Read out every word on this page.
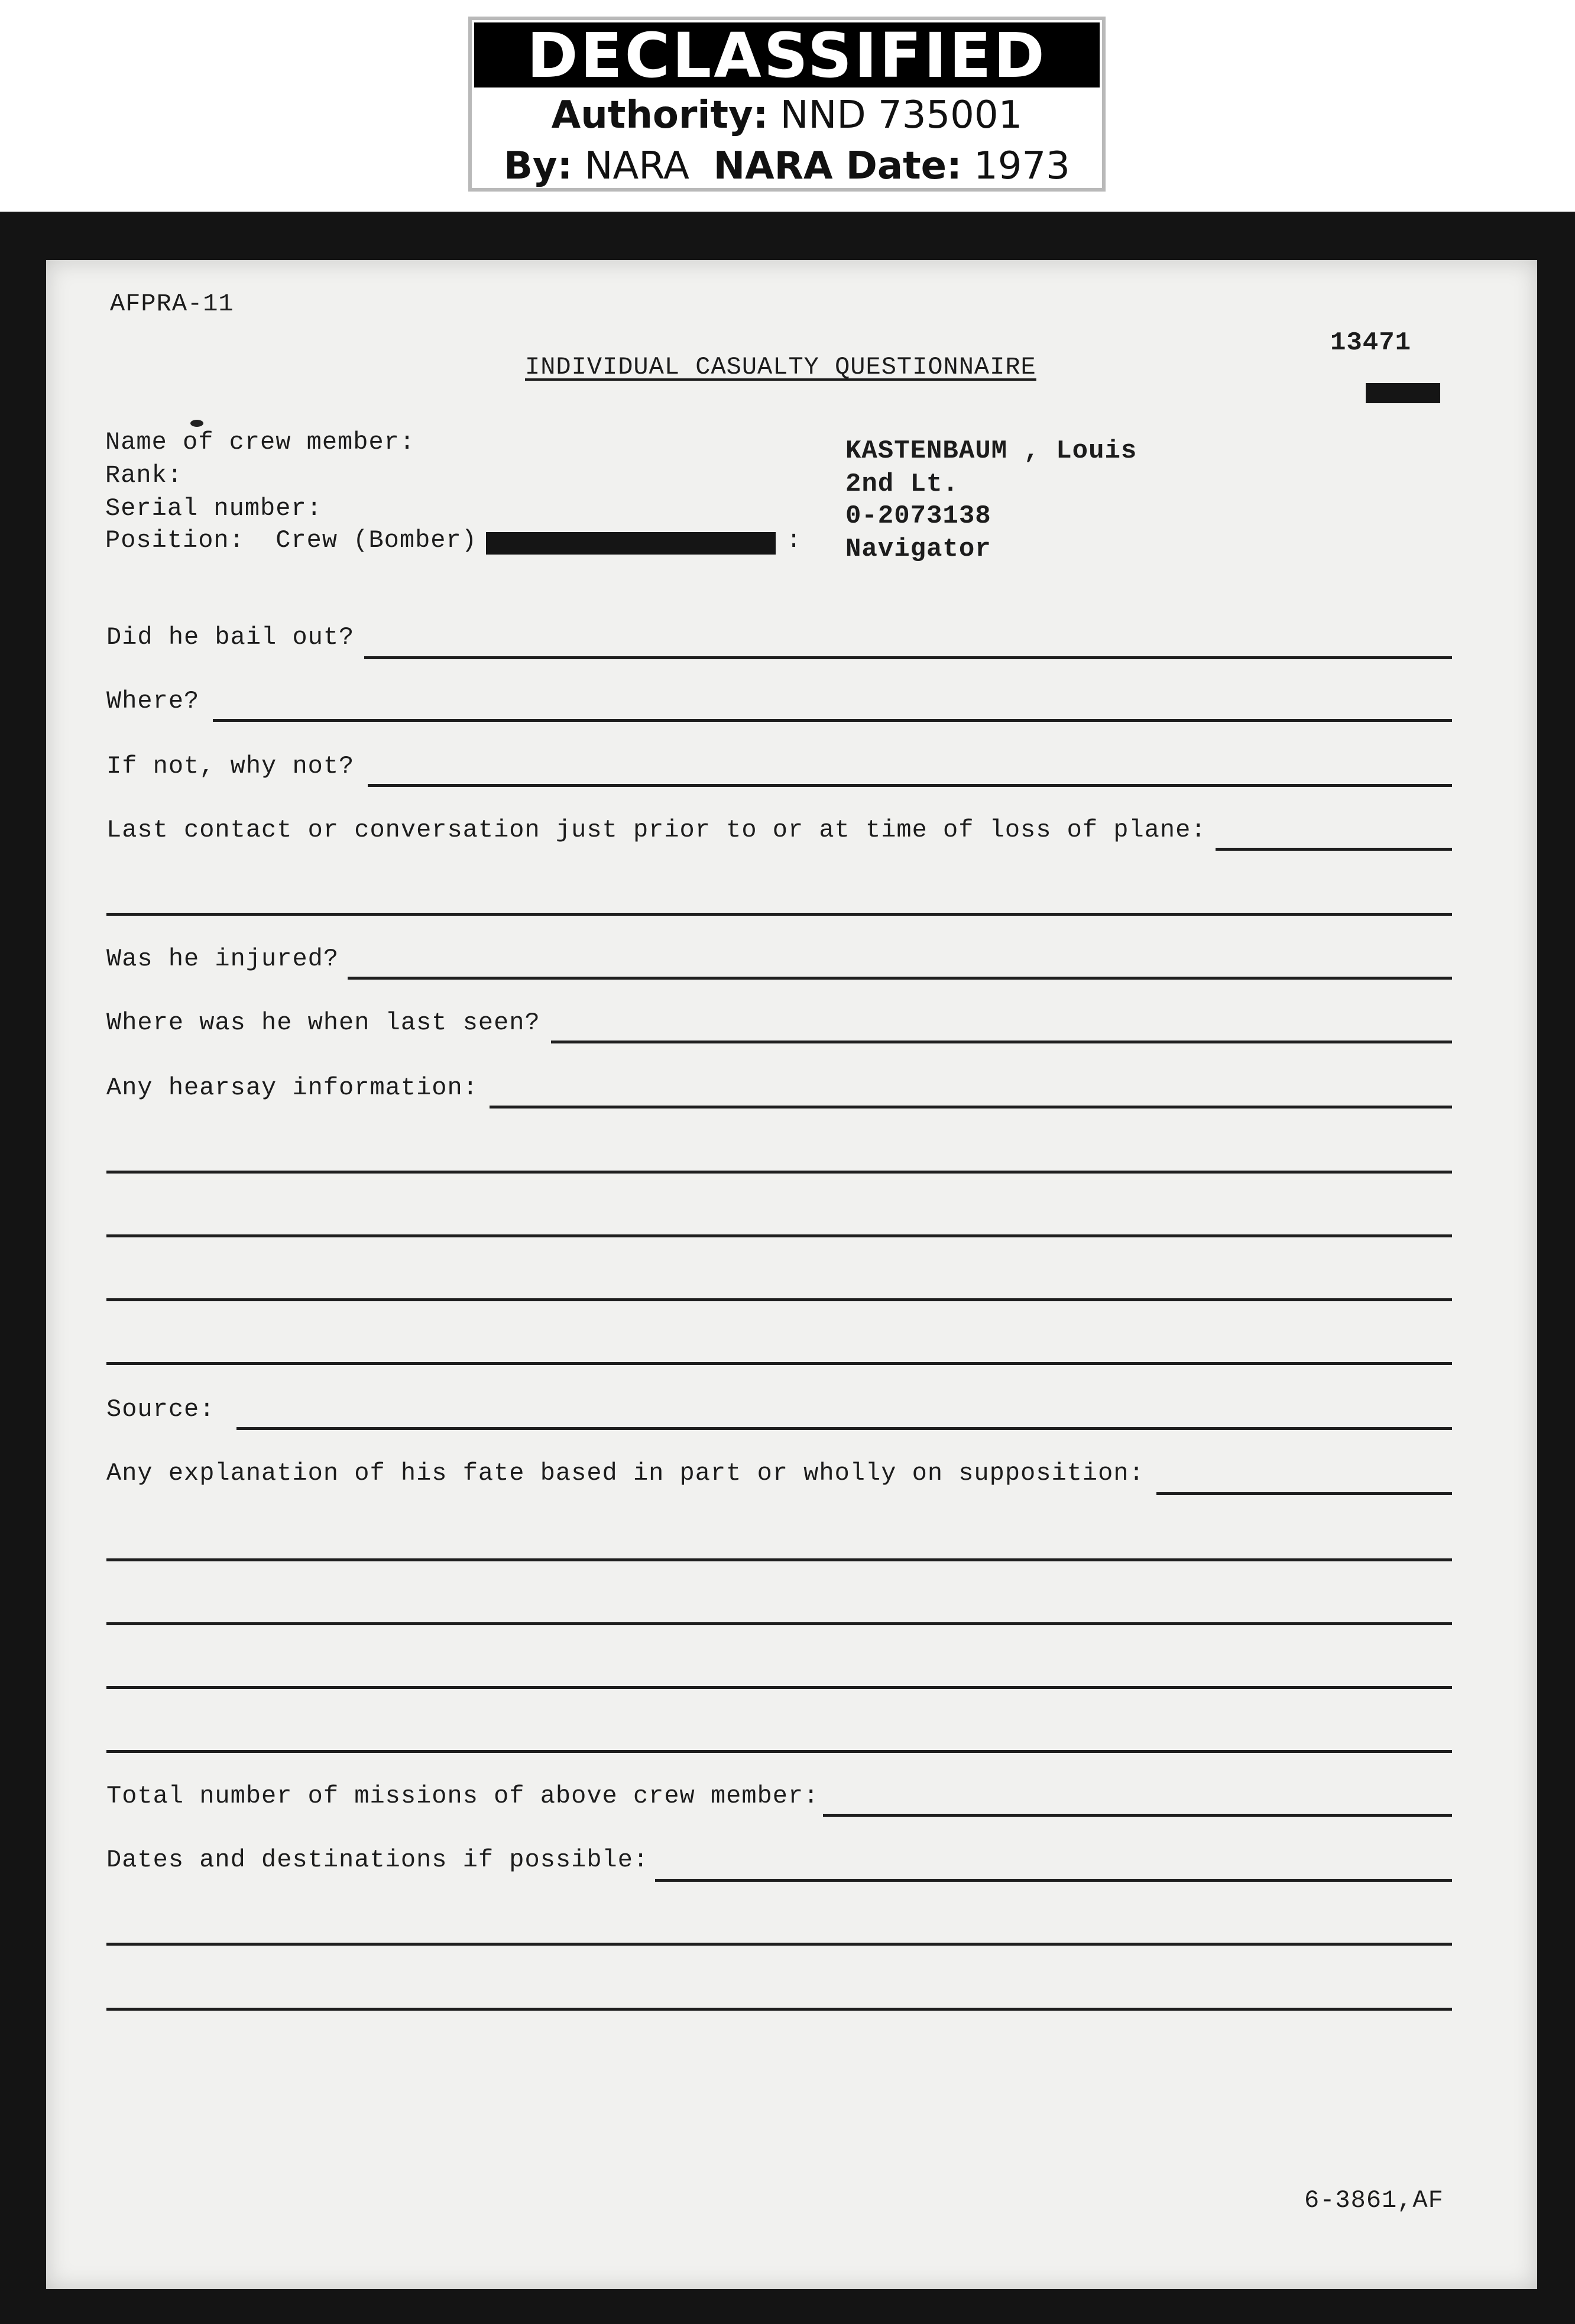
DECLASSIFIED
Authority: NND 735001
By: NARA NARA Date: 1973
AFPRA-11
13471
INDIVIDUAL CASUALTY QUESTIONNAIRE
Name of crew member:
Rank:
Serial number:
Position:  Crew (Bomber)	:
KASTENBAUM , Louis
2nd Lt.
0-2073138
Navigator
Did he bail out?
Where?
If not, why not?
Last contact or conversation just prior to or at time of loss of plane:
Was he injured?
Where was he when last seen?
Any hearsay information:
Source:
Any explanation of his fate based in part or wholly on supposition:
Total number of missions of above crew member:
Dates and destinations if possible:
6-3861,AF
